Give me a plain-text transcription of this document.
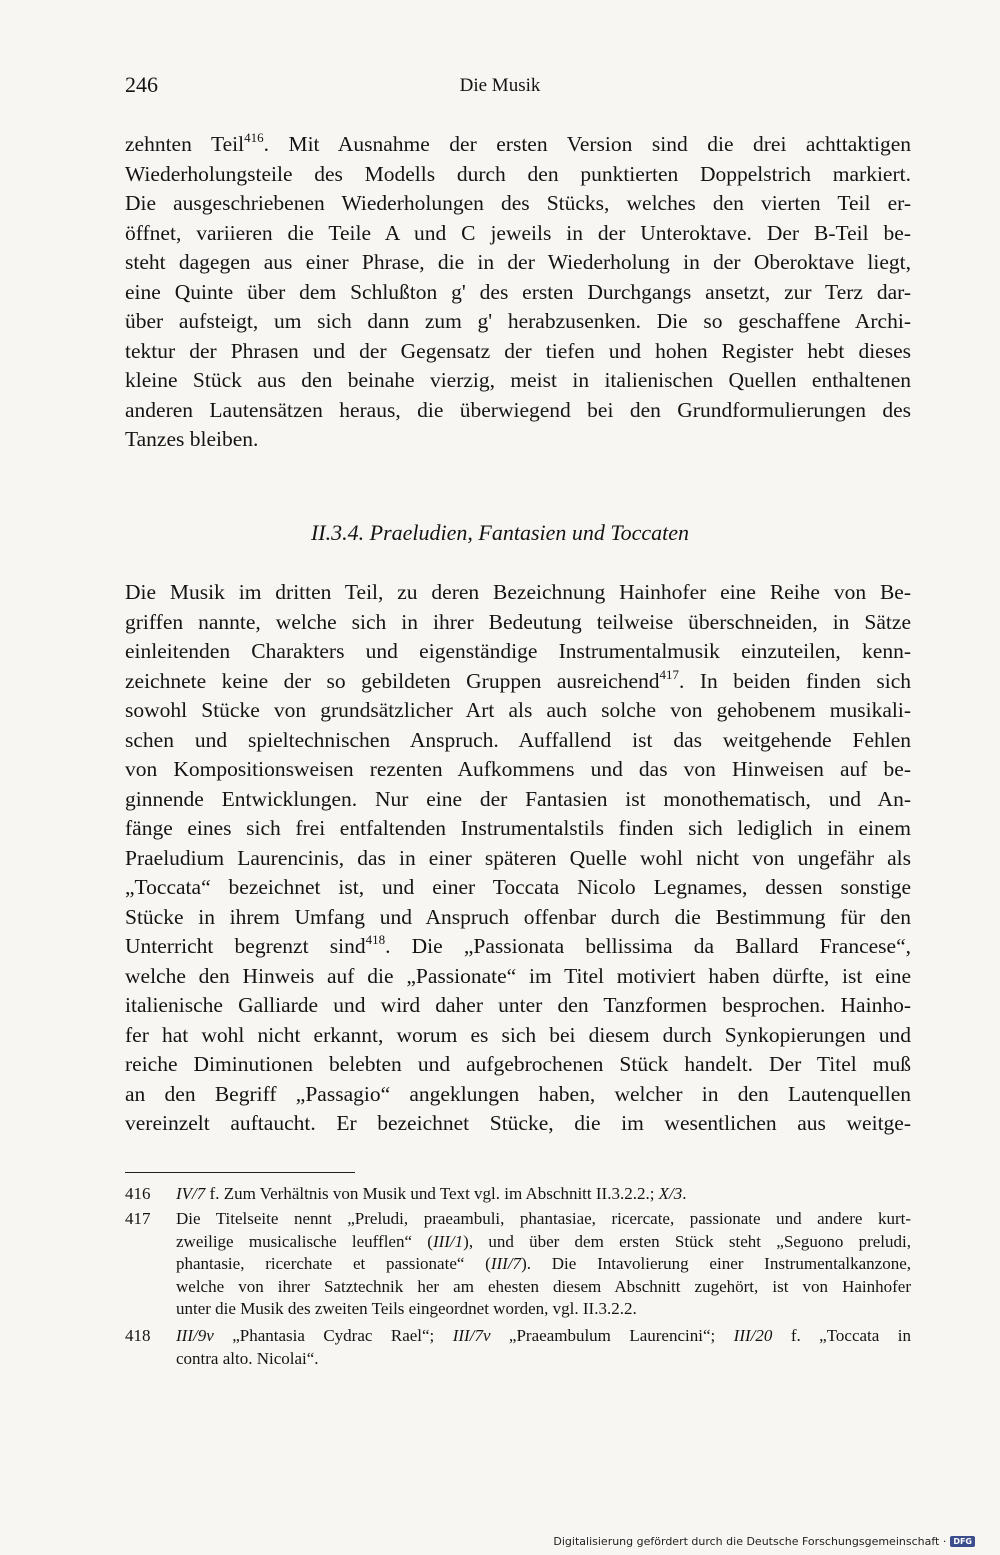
246	Die Musik
zehnten Teil$^{416}$. Mit Ausnahme der ersten Version sind die drei achttaktigen
Wiederholungsteile des Modells durch den punktierten Doppelstrich markiert.
Die ausgeschriebenen Wiederholungen des Stücks, welches den vierten Teil er-
öffnet, variieren die Teile A und C jeweils in der Unteroktave. Der B-Teil be-
steht dagegen aus einer Phrase, die in der Wiederholung in der Oberoktave liegt,
eine Quinte über dem Schlußton g' des ersten Durchgangs ansetzt, zur Terz dar-
über aufsteigt, um sich dann zum g' herabzusenken. Die so geschaffene Archi-
tektur der Phrasen und der Gegensatz der tiefen und hohen Register hebt dieses
kleine Stück aus den beinahe vierzig, meist in italienischen Quellen enthaltenen
anderen Lautensätzen heraus, die überwiegend bei den Grundformulierungen des
Tanzes bleiben.
II.3.4. Praeludien, Fantasien und Toccaten
Die Musik im dritten Teil, zu deren Bezeichnung Hainhofer eine Reihe von Be-
griffen nannte, welche sich in ihrer Bedeutung teilweise überschneiden, in Sätze
einleitenden Charakters und eigenständige Instrumentalmusik einzuteilen, kenn-
zeichnete keine der so gebildeten Gruppen ausreichend$^{417}$. In beiden finden sich
sowohl Stücke von grundsätzlicher Art als auch solche von gehobenem musikali-
schen und spieltechnischen Anspruch. Auffallend ist das weitgehende Fehlen
von Kompositionsweisen rezenten Aufkommens und das von Hinweisen auf be-
ginnende Entwicklungen. Nur eine der Fantasien ist monothematisch, und An-
fänge eines sich frei entfaltenden Instrumentalstils finden sich lediglich in einem
Praeludium Laurencinis, das in einer späteren Quelle wohl nicht von ungefähr als
„Toccata“ bezeichnet ist, und einer Toccata Nicolo Legnames, dessen sonstige
Stücke in ihrem Umfang und Anspruch offenbar durch die Bestimmung für den
Unterricht begrenzt sind$^{418}$. Die „Passionata bellissima da Ballard Francese“,
welche den Hinweis auf die „Passionate“ im Titel motiviert haben dürfte, ist eine
italienische Galliarde und wird daher unter den Tanzformen besprochen. Hainho-
fer hat wohl nicht erkannt, worum es sich bei diesem durch Synkopierungen und
reiche Diminutionen belebten und aufgebrochenen Stück handelt. Der Titel muß
an den Begriff „Passagio“ angeklungen haben, welcher in den Lautenquellen
vereinzelt auftaucht. Er bezeichnet Stücke, die im wesentlichen aus weitge-
416 IV/7 f. Zum Verhältnis von Musik und Text vgl. im Abschnitt II.3.2.2.; X/3.
417 Die Titelseite nennt „Preludi, praeambuli, phantasiae, ricercate, passionate und andere kurt-
zweilige musicalische leufflen“ (III/1), und über dem ersten Stück steht „Seguono preludi,
phantasie, ricerchate et passionate“ (III/7). Die Intavolierung einer Instrumentalkanzone,
welche von ihrer Satztechnik her am ehesten diesem Abschnitt zugehört, ist von Hainhofer
unter die Musik des zweiten Teils eingeordnet worden, vgl. II.3.2.2.
418 III/9v „Phantasia Cydrac Rael“; III/7v „Praeambulum Laurencini“; III/20 f. „Toccata in
contra alto. Nicolai“.
Digitalisierung gefördert durch die Deutsche Forschungsgemeinschaft · DFG
